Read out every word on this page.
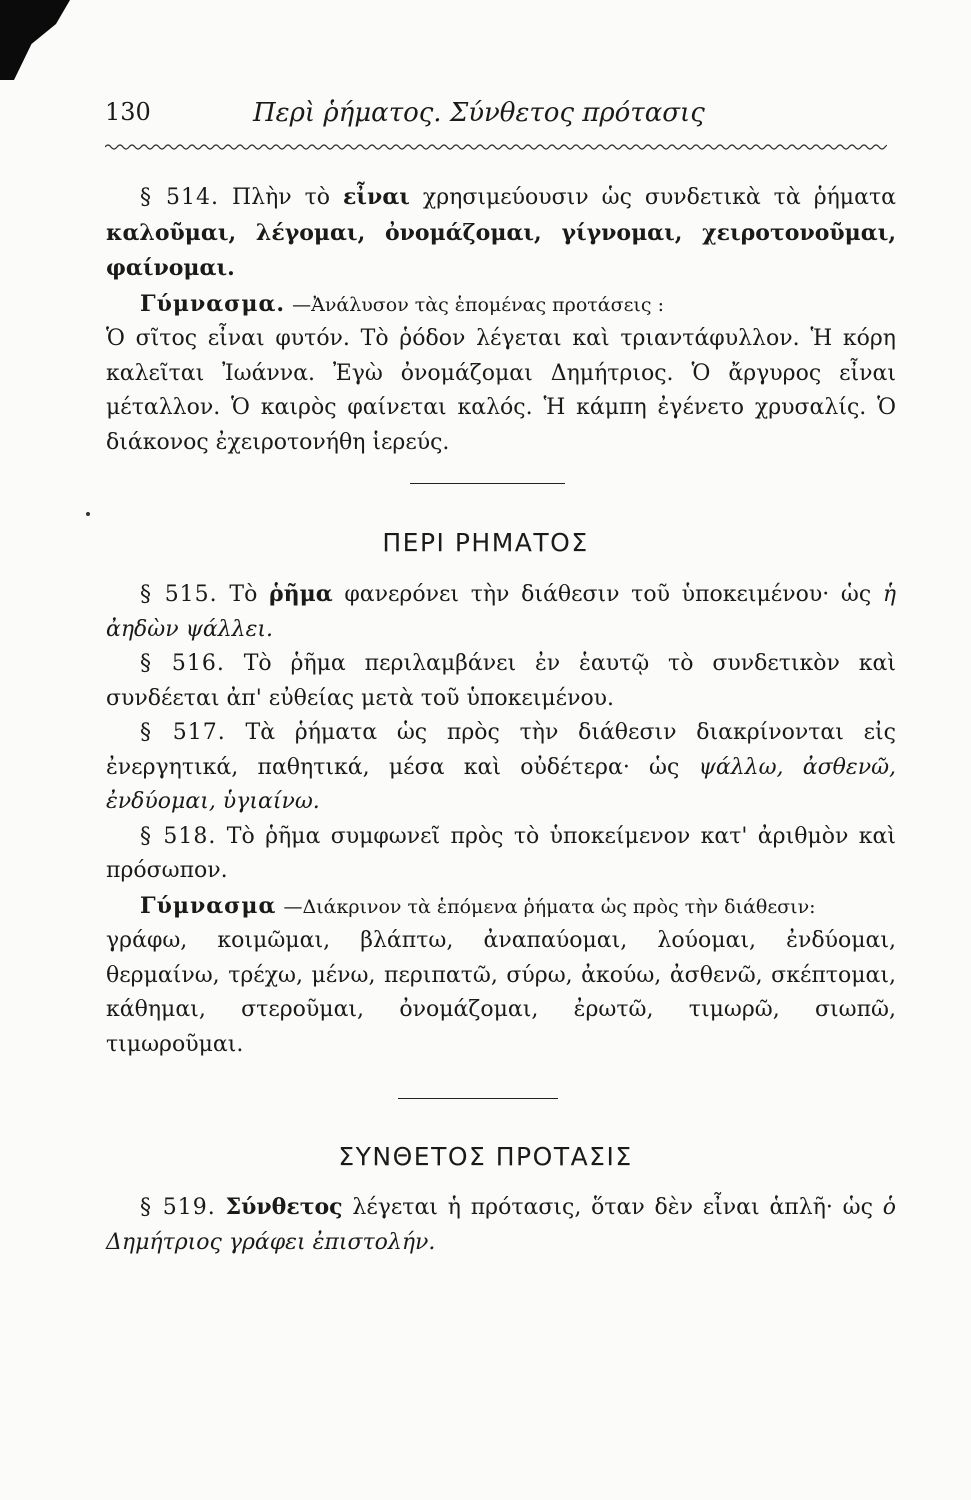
130	Περὶ ῥήματος. Σύνθετος πρότασις

§ 514. Πλὴν τὸ εἶναι χρησιμεύουσιν ὡς συνδετικὰ τὰ ῥήματα καλοῦμαι, λέγομαι, ὀνομάζομαι, γίγνομαι, χειροτονοῦμαι, φαίνομαι.

Γύμνασμα. —Ἀνάλυσον τὰς ἑπομένας προτάσεις :
Ὁ σῖτος εἶναι φυτόν. Τὸ ῥόδον λέγεται καὶ τριαντάφυλλον. Ἡ κόρη καλεῖται Ἰωάννα. Ἐγὼ ὀνομάζομαι Δημήτριος. Ὁ ἄργυρος εἶναι μέταλλον. Ὁ καιρὸς φαίνεται καλός. Ἡ κάμπη ἐγένετο χρυσαλίς. Ὁ διάκονος ἐχειροτονήθη ἱερεύς.

ΠΕΡΙ ΡΗΜΑΤΟΣ

§ 515. Τὸ ῥῆμα φανερόνει τὴν διάθεσιν τοῦ ὑποκειμένου· ὡς ἡ ἀηδὼν ψάλλει.

§ 516. Τὸ ῥῆμα περιλαμβάνει ἐν ἑαυτῷ τὸ συνδετικὸν καὶ συνδέεται ἀπ' εὐθείας μετὰ τοῦ ὑποκειμένου.

§ 517. Τὰ ῥήματα ὡς πρὸς τὴν διάθεσιν διακρίνονται εἰς ἐνεργητικά, παθητικά, μέσα καὶ οὐδέτερα· ὡς ψάλλω, ἀσθενῶ, ἐνδύομαι, ὑγιαίνω.

§ 518. Τὸ ῥῆμα συμφωνεῖ πρὸς τὸ ὑποκείμενον κατ' ἀριθμὸν καὶ πρόσωπον.

Γύμνασμα —Διάκρινον τὰ ἑπόμενα ῥήματα ὡς πρὸς τὴν διάθεσιν:
γράφω, κοιμῶμαι, βλάπτω, ἀναπαύομαι, λούομαι, ἐνδύομαι, θερμαίνω, τρέχω, μένω, περιπατῶ, σύρω, ἀκούω, ἀσθενῶ, σκέπτομαι, κάθημαι, στεροῦμαι, ὀνομάζομαι, ἐρωτῶ, τιμωρῶ, σιωπῶ, τιμωροῦμαι.

ΣΥΝΘΕΤΟΣ ΠΡΟΤΑΣΙΣ

§ 519. Σύνθετος λέγεται ἡ πρότασις, ὅταν δὲν εἶναι ἁπλῆ· ὡς ὁ Δημήτριος γράφει ἐπιστολήν.
